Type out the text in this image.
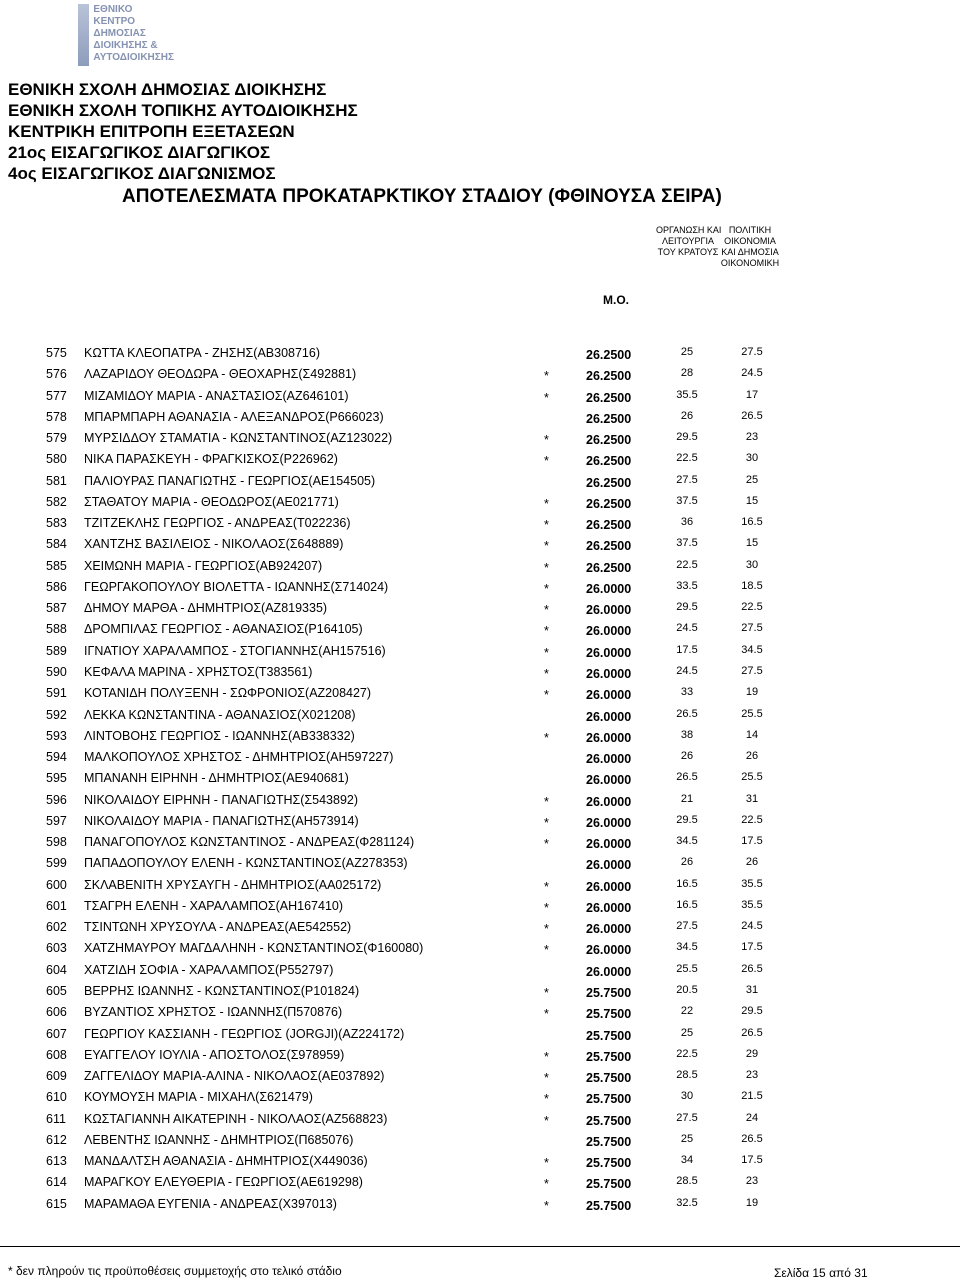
ΕΘΝΙΚΟ
ΚΕΝΤΡΟ
ΔΗΜΟΣΙΑΣ
ΔΙΟΙΚΗΣΗΣ &
ΑΥΤΟΔΙΟΙΚΗΣΗΣ
ΕΘΝΙΚΗ ΣΧΟΛΗ ΔΗΜΟΣΙΑΣ ΔΙΟΙΚΗΣΗΣ
ΕΘΝΙΚΗ ΣΧΟΛΗ ΤΟΠΙΚΗΣ ΑΥΤΟΔΙΟΙΚΗΣΗΣ
ΚΕΝΤΡΙΚΗ ΕΠΙΤΡΟΠΗ ΕΞΕΤΑΣΕΩΝ
21ος ΕΙΣΑΓΩΓΙΚΟΣ ΔΙΑΓΩΓΙΚΟΣ
4ος ΕΙΣΑΓΩΓΙΚΟΣ ΔΙΑΓΩΝΙΣΜΟΣ
ΑΠΟΤΕΛΕΣΜΑΤΑ ΠΡΟΚΑΤΑΡΚΤΙΚΟΥ ΣΤΑΔΙΟΥ (ΦΘΙΝΟΥΣΑ ΣΕΙΡΑ)
ΟΡΓΑΝΩΣΗ ΚΑΙ
ΛΕΙΤΟΥΡΓΙΑ
ΤΟΥ ΚΡΑΤΟΥΣ
ΠΟΛΙΤΙΚΗ
ΟΙΚΟΝΟΜΙΑ
ΚΑΙ ΔΗΜΟΣΙΑ
ΟΙΚΟΝΟΜΙΚΗ
Μ.Ο.
575 ΚΩΤΤΑ ΚΛΕΟΠΑΤΡΑ - ΖΗΣΗΣ(ΑΒ308716)	26.2500	25	27.5
576 ΛΑΖΑΡΙΔΟΥ ΘΕΟΔΩΡΑ - ΘΕΟΧΑΡΗΣ(Σ492881)	*	26.2500	28	24.5
577 ΜΙΖΑΜΙΔΟΥ ΜΑΡΙΑ - ΑΝΑΣΤΑΣΙΟΣ(ΑΖ646101)	*	26.2500	35.5	17
578 ΜΠΑΡΜΠΑΡΗ ΑΘΑΝΑΣΙΑ - ΑΛΕΞΑΝΔΡΟΣ(Ρ666023)	26.2500	26	26.5
579 ΜΥΡΣΙΔΔΟΥ ΣΤΑΜΑΤΙΑ - ΚΩΝΣΤΑΝΤΙΝΟΣ(ΑΖ123022)	*	26.2500	29.5	23
580 ΝΙΚΑ ΠΑΡΑΣΚΕΥΗ - ΦΡΑΓΚΙΣΚΟΣ(Ρ226962)	*	26.2500	22.5	30
581 ΠΑΛΙΟΥΡΑΣ ΠΑΝΑΓΙΩΤΗΣ - ΓΕΩΡΓΙΟΣ(ΑΕ154505)	26.2500	27.5	25
582 ΣΤΑΘΑΤΟΥ ΜΑΡΙΑ - ΘΕΟΔΩΡΟΣ(ΑΕ021771)	*	26.2500	37.5	15
583 ΤΖΙΤΖΕΚΛΗΣ ΓΕΩΡΓΙΟΣ - ΑΝΔΡΕΑΣ(Τ022236)	*	26.2500	36	16.5
584 ΧΑΝΤΖΗΣ ΒΑΣΙΛΕΙΟΣ - ΝΙΚΟΛΑΟΣ(Σ648889)	*	26.2500	37.5	15
585 ΧΕΙΜΩΝΗ ΜΑΡΙΑ - ΓΕΩΡΓΙΟΣ(ΑΒ924207)	*	26.2500	22.5	30
586 ΓΕΩΡΓΑΚΟΠΟΥΛΟΥ ΒΙΟΛΕΤΤΑ - ΙΩΑΝΝΗΣ(Σ714024)	*	26.0000	33.5	18.5
587 ΔΗΜΟΥ ΜΑΡΘΑ - ΔΗΜΗΤΡΙΟΣ(ΑΖ819335)	*	26.0000	29.5	22.5
588 ΔΡΟΜΠΙΛΑΣ ΓΕΩΡΓΙΟΣ - ΑΘΑΝΑΣΙΟΣ(Ρ164105)	*	26.0000	24.5	27.5
589 ΙΓΝΑΤΙΟΥ ΧΑΡΑΛΑΜΠΟΣ - ΣΤΟΓΙΑΝΝΗΣ(ΑΗ157516)	*	26.0000	17.5	34.5
590 ΚΕΦΑΛΑ ΜΑΡΙΝΑ - ΧΡΗΣΤΟΣ(Τ383561)	*	26.0000	24.5	27.5
591 ΚΟΤΑΝΙΔΗ ΠΟΛΥΞΕΝΗ - ΣΩΦΡΟΝΙΟΣ(ΑΖ208427)	*	26.0000	33	19
592 ΛΕΚΚΑ ΚΩΝΣΤΑΝΤΙΝΑ - ΑΘΑΝΑΣΙΟΣ(Χ021208)	26.0000	26.5	25.5
593 ΛΙΝΤΟΒΟΗΣ ΓΕΩΡΓΙΟΣ - ΙΩΑΝΝΗΣ(ΑΒ338332)	*	26.0000	38	14
594 ΜΑΛΚΟΠΟΥΛΟΣ ΧΡΗΣΤΟΣ - ΔΗΜΗΤΡΙΟΣ(ΑΗ597227)	26.0000	26	26
595 ΜΠΑΝΑΝΗ ΕΙΡΗΝΗ - ΔΗΜΗΤΡΙΟΣ(ΑΕ940681)	26.0000	26.5	25.5
596 ΝΙΚΟΛΑΙΔΟΥ ΕΙΡΗΝΗ - ΠΑΝΑΓΙΩΤΗΣ(Σ543892)	*	26.0000	21	31
597 ΝΙΚΟΛΑΙΔΟΥ ΜΑΡΙΑ - ΠΑΝΑΓΙΩΤΗΣ(ΑΗ573914)	*	26.0000	29.5	22.5
598 ΠΑΝΑΓΟΠΟΥΛΟΣ ΚΩΝΣΤΑΝΤΙΝΟΣ - ΑΝΔΡΕΑΣ(Φ281124)	*	26.0000	34.5	17.5
599 ΠΑΠΑΔΟΠΟΥΛΟΥ ΕΛΕΝΗ - ΚΩΝΣΤΑΝΤΙΝΟΣ(ΑΖ278353)	26.0000	26	26
600 ΣΚΛΑΒΕΝΙΤΗ ΧΡΥΣΑΥΓΗ - ΔΗΜΗΤΡΙΟΣ(ΑΑ025172)	*	26.0000	16.5	35.5
601 ΤΣΑΓΡΗ ΕΛΕΝΗ - ΧΑΡΑΛΑΜΠΟΣ(ΑΗ167410)	*	26.0000	16.5	35.5
602 ΤΣΙΝΤΩΝΗ ΧΡΥΣΟΥΛΑ - ΑΝΔΡΕΑΣ(ΑΕ542552)	*	26.0000	27.5	24.5
603 ΧΑΤΖΗΜΑΥΡΟΥ ΜΑΓΔΑΛΗΝΗ - ΚΩΝΣΤΑΝΤΙΝΟΣ(Φ160080)	*	26.0000	34.5	17.5
604 ΧΑΤΖΙΔΗ ΣΟΦΙΑ - ΧΑΡΑΛΑΜΠΟΣ(Ρ552797)	26.0000	25.5	26.5
605 ΒΕΡΡΗΣ ΙΩΑΝΝΗΣ - ΚΩΝΣΤΑΝΤΙΝΟΣ(Ρ101824)	*	25.7500	20.5	31
606 ΒΥΖΑΝΤΙΟΣ ΧΡΗΣΤΟΣ - ΙΩΑΝΝΗΣ(Π570876)	*	25.7500	22	29.5
607 ΓΕΩΡΓΙΟΥ ΚΑΣΣΙΑΝΗ - ΓΕΩΡΓΙΟΣ (JORGJI)(ΑΖ224172)	25.7500	25	26.5
608 ΕΥΑΓΓΕΛΟΥ ΙΟΥΛΙΑ - ΑΠΟΣΤΟΛΟΣ(Σ978959)	*	25.7500	22.5	29
609 ΖΑΓΓΕΛΙΔΟΥ ΜΑΡΙΑ-ΑΛΙΝΑ - ΝΙΚΟΛΑΟΣ(ΑΕ037892)	*	25.7500	28.5	23
610 ΚΟΥΜΟΥΣΗ ΜΑΡΙΑ - ΜΙΧΑΗΛ(Σ621479)	*	25.7500	30	21.5
611 ΚΩΣΤΑΓΙΑΝΝΗ ΑΙΚΑΤΕΡΙΝΗ - ΝΙΚΟΛΑΟΣ(ΑΖ568823)	*	25.7500	27.5	24
612 ΛΕΒΕΝΤΗΣ ΙΩΑΝΝΗΣ - ΔΗΜΗΤΡΙΟΣ(Π685076)	25.7500	25	26.5
613 ΜΑΝΔΑΛΤΣΗ ΑΘΑΝΑΣΙΑ - ΔΗΜΗΤΡΙΟΣ(Χ449036)	*	25.7500	34	17.5
614 ΜΑΡΑΓΚΟΥ ΕΛΕΥΘΕΡΙΑ - ΓΕΩΡΓΙΟΣ(ΑΕ619298)	*	25.7500	28.5	23
615 ΜΑΡΑΜΑΘΑ ΕΥΓΕΝΙΑ - ΑΝΔΡΕΑΣ(Χ397013)	*	25.7500	32.5	19
* δεν πληρούν τις προϋποθέσεις συμμετοχής στο τελικό στάδιο	Σελίδα 15 από 31
